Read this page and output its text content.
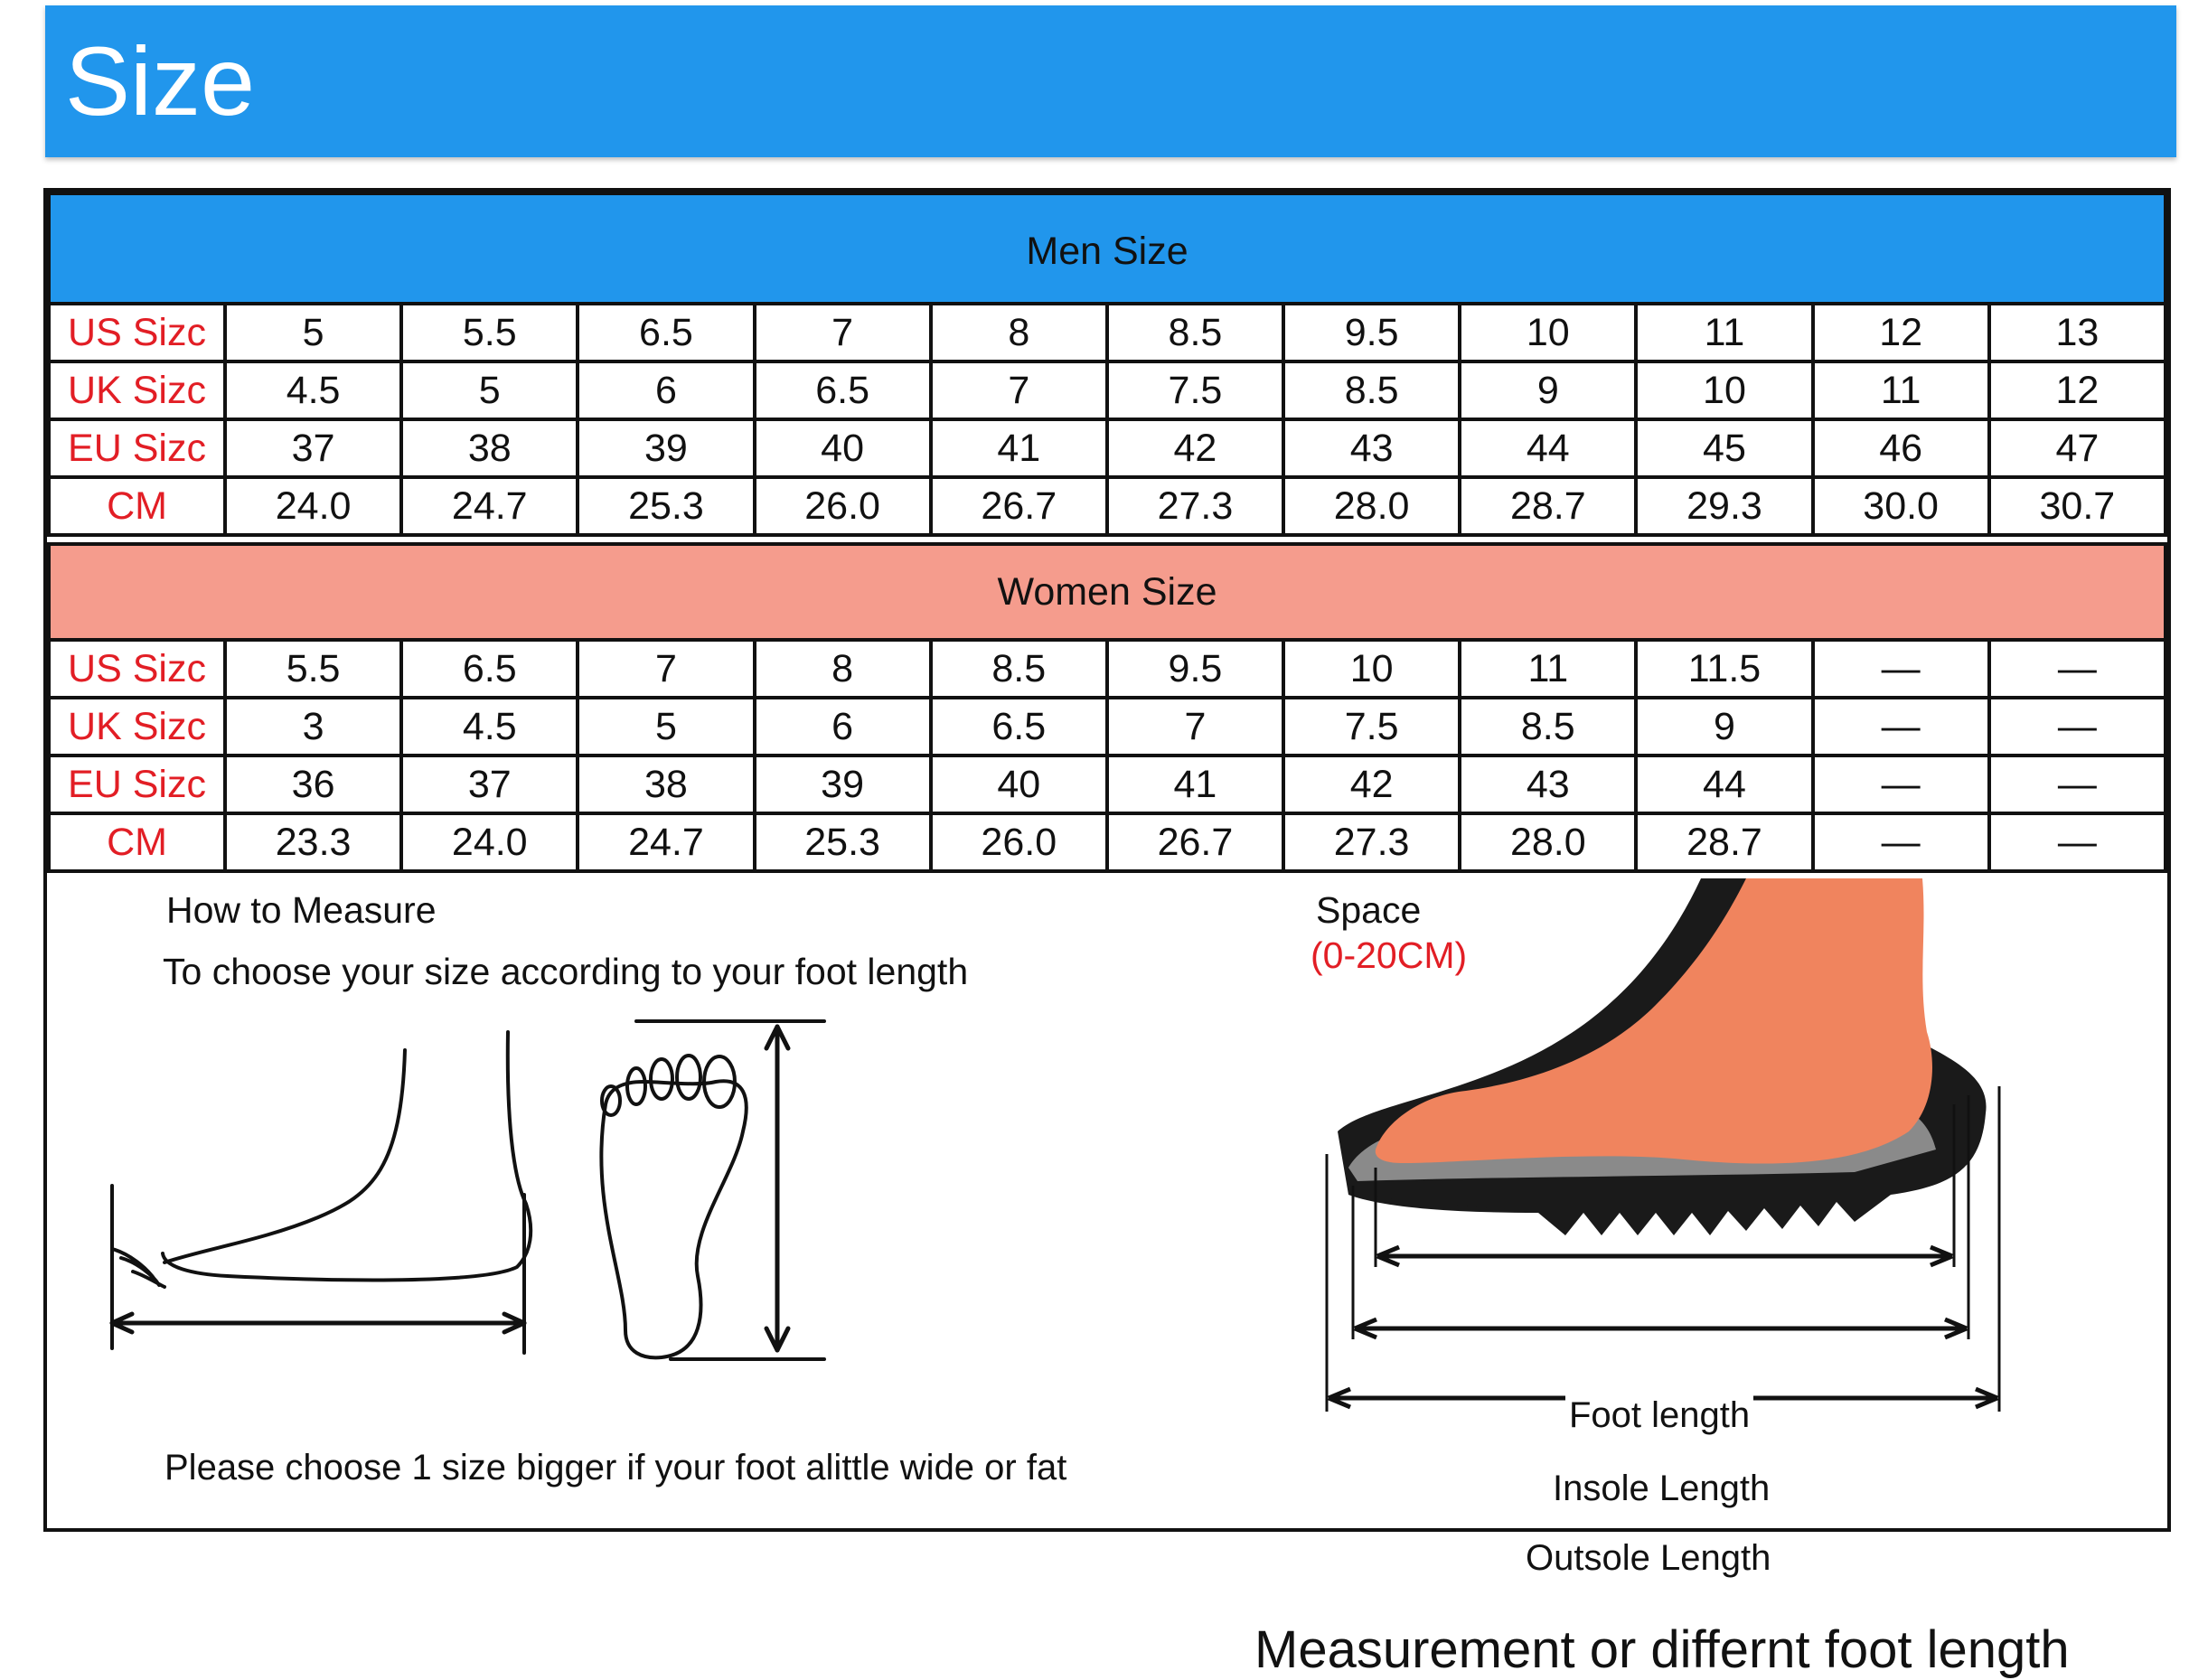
Size
Men Size											
US Sizc	5	5.5	6.5	7	8	8.5	9.5	10	11	12	13
UK Sizc	4.5	5	6	6.5	7	7.5	8.5	9	10	11	12
EU Sizc	37	38	39	40	41	42	43	44	45	46	47
CM	24.0	24.7	25.3	26.0	26.7	27.3	28.0	28.7	29.3	30.0	30.7
Women Size											
US Sizc	5.5	6.5	7	8	8.5	9.5	10	11	11.5	—	—
UK Sizc	3	4.5	5	6	6.5	7	7.5	8.5	9	—	—
EU Sizc	36	37	38	39	40	41	42	43	44	—	—
CM	23.3	24.0	24.7	25.3	26.0	26.7	27.3	28.0	28.7	—	—
How to Measure
To choose your size according to your foot length
Please choose 1 size bigger if your foot alittle wide or fat
Space
(0-20CM)
Foot length
Insole Length
Outsole Length
Measurement or differnt foot length
